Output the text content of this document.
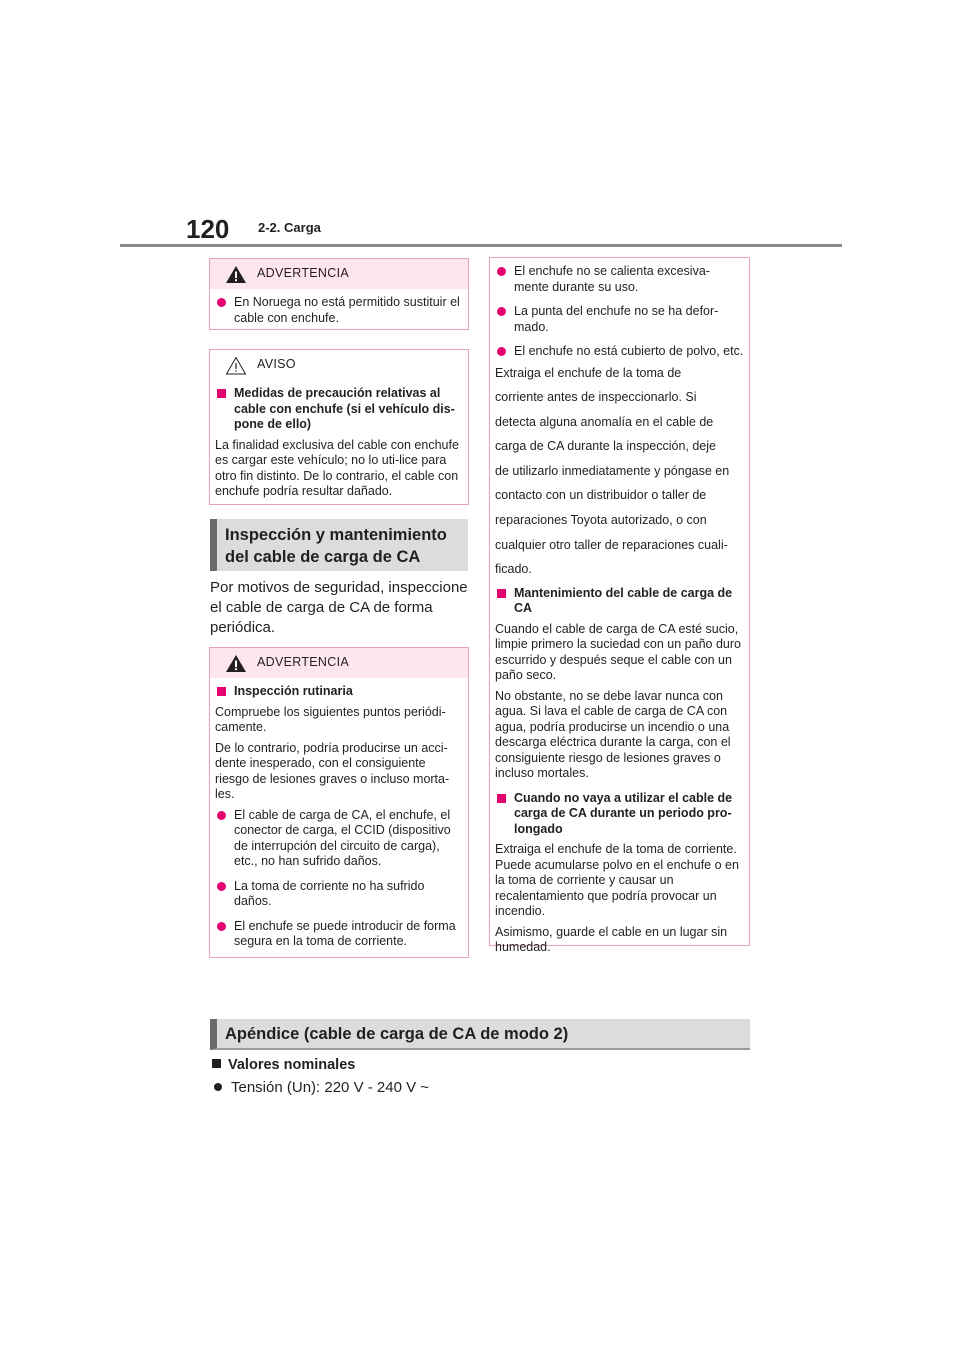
120 2-2. Carga
ADVERTENCIA
En Noruega no está permitido sustituir el cable con enchufe.
AVISO
Medidas de precaución relativas al cable con enchufe (si el vehículo dis-pone de ello)

La finalidad exclusiva del cable con enchufe es cargar este vehículo; no lo uti-lice para otro fin distinto. De lo contrario, el cable con enchufe podría resultar dañado.

Inspección y mantenimiento del cable de carga de CA
Por motivos de seguridad, inspeccione el cable de carga de CA de forma periódica.
ADVERTENCIA
Inspección rutinaria

Compruebe los siguientes puntos periódi-camente.

De lo contrario, podría producirse un acci-dente inesperado, con el consiguiente riesgo de lesiones graves o incluso morta-les.

El cable de carga de CA, el enchufe, el conector de carga, el CCID (dispositivo de interrupción del circuito de carga), etc., no han sufrido daños.
La toma de corriente no ha sufrido daños.
El enchufe se puede introducir de forma segura en la toma de corriente.
El enchufe no se calienta excesiva-mente durante su uso.
La punta del enchufe no se ha defor-mado.
El enchufe no está cubierto de polvo, etc.

Extraiga el enchufe de la toma de

corriente antes de inspeccionarlo. Si

detecta alguna anomalía en el cable de

carga de CA durante la inspección, deje

de utilizarlo inmediatamente y póngase en

contacto con un distribuidor o taller de

reparaciones Toyota autorizado, o con

cualquier otro taller de reparaciones cuali-

ficado.

Mantenimiento del cable de carga de CA

Cuando el cable de carga de CA esté sucio, limpie primero la suciedad con un paño duro escurrido y después seque el cable con un paño seco.

No obstante, no se debe lavar nunca con agua. Si lava el cable de carga de CA con agua, podría producirse un incendio o una descarga eléctrica durante la carga, con el consiguiente riesgo de lesiones graves o incluso mortales.

Cuando no vaya a utilizar el cable de carga de CA durante un periodo pro-longado

Extraiga el enchufe de la toma de corriente. Puede acumularse polvo en el enchufe o en la toma de corriente y causar un recalentamiento que podría provocar un incendio.

Asimismo, guarde el cable en un lugar sin humedad.

Apéndice (cable de carga de CA de modo 2)
Valores nominales
Tensión (Un): 220 V - 240 V ~
